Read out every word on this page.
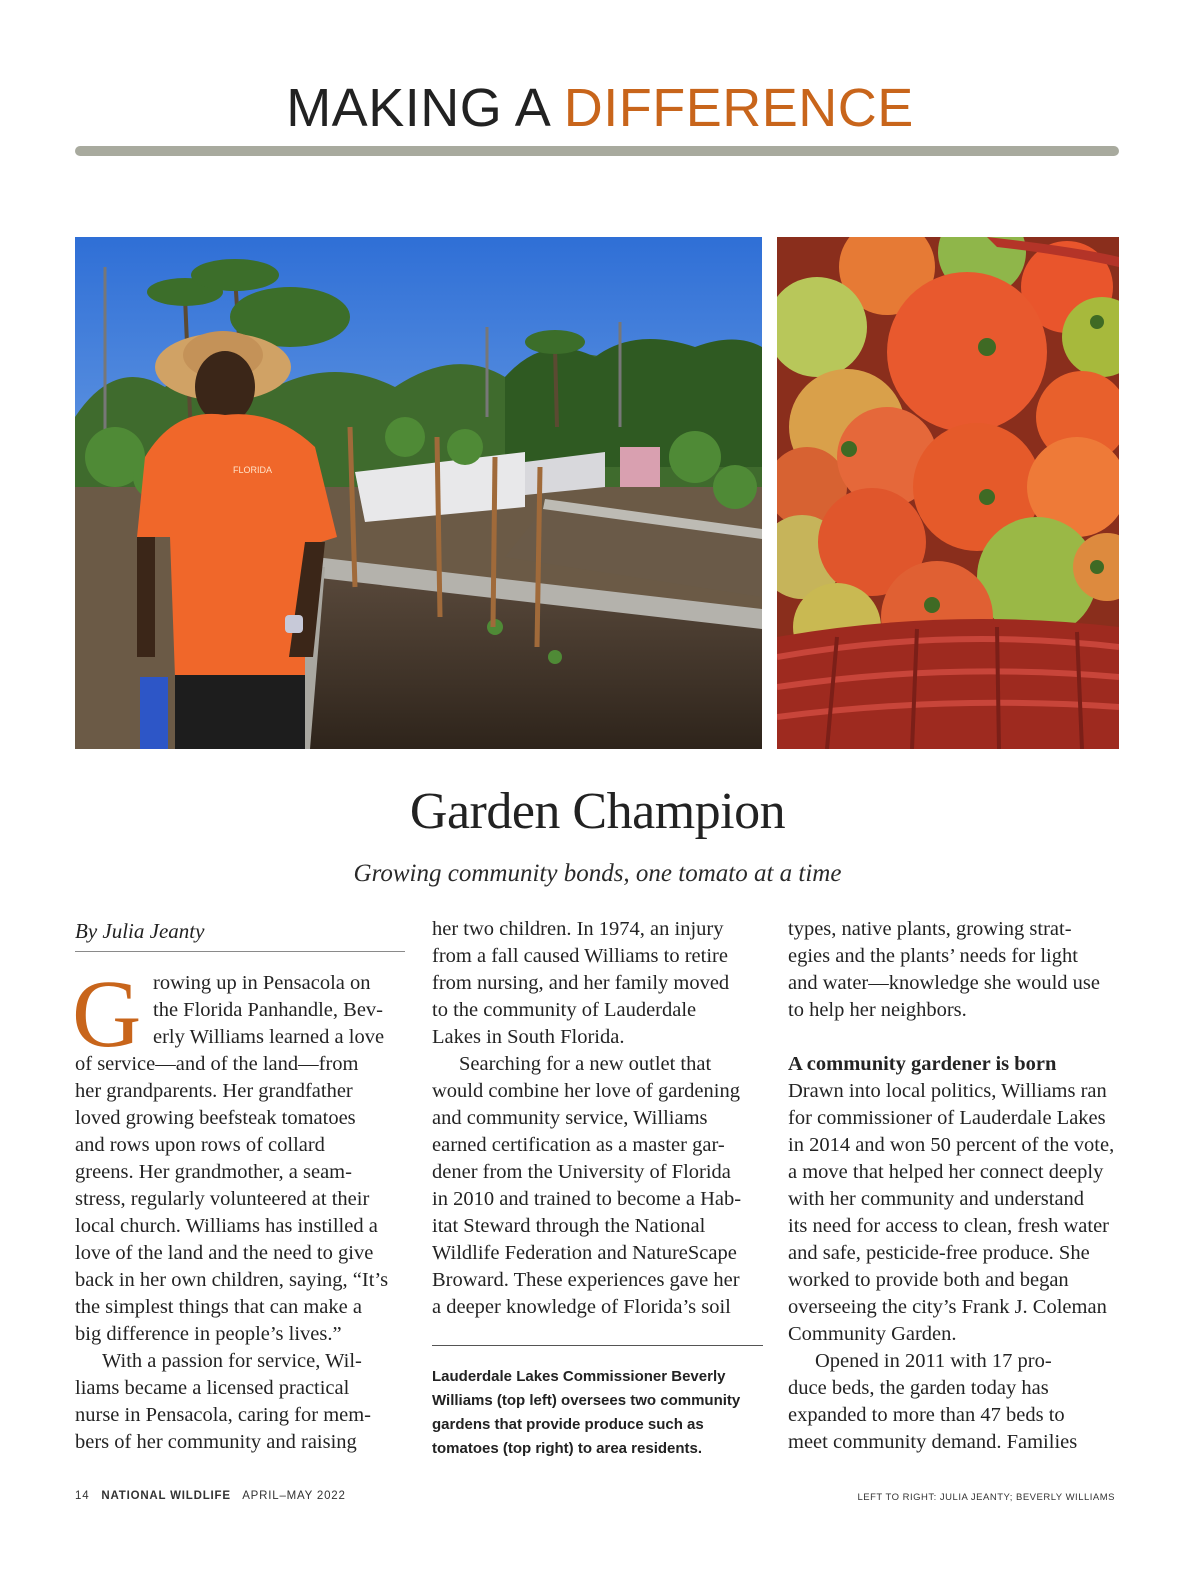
MAKING A DIFFERENCE
FLORIDA
Garden Champion
Growing community bonds, one tomato at a time
By Julia Jeanty
G rowing up in Pensacola on
the Florida Panhandle, Bev-
erly Williams learned a love
of service—and of the land—from
her grandparents. Her grandfather
loved growing beefsteak tomatoes
and rows upon rows of collard
greens. Her grandmother, a seam-
stress, regularly volunteered at their
local church. Williams has instilled a
love of the land and the need to give
back in her own children, saying, “It’s
the simplest things that can make a
big difference in people’s lives.”
With a passion for service, Wil-
liams became a licensed practical
nurse in Pensacola, caring for mem-
bers of her community and raising
her two children. In 1974, an injury
from a fall caused Williams to retire
from nursing, and her family moved
to the community of Lauderdale
Lakes in South Florida.
Searching for a new outlet that
would combine her love of gardening
and community service, Williams
earned certification as a master gar-
dener from the University of Florida
in 2010 and trained to become a Hab-
itat Steward through the National
Wildlife Federation and NatureScape
Broward. These experiences gave her
a deeper knowledge of Florida’s soil
Lauderdale Lakes Commissioner Beverly Williams (top left) oversees two community gardens that provide produce such as tomatoes (top right) to area residents.
types, native plants, growing strat-
egies and the plants’ needs for light
and water—knowledge she would use
to help her neighbors.
A community gardener is born
Drawn into local politics, Williams ran
for commissioner of Lauderdale Lakes
in 2014 and won 50 percent of the vote,
a move that helped her connect deeply
with her community and understand
its need for access to clean, fresh water
and safe, pesticide-free produce. She
worked to provide both and began
overseeing the city’s Frank J. Coleman
Community Garden.
Opened in 2011 with 17 pro-
duce beds, the garden today has
expanded to more than 47 beds to
meet community demand. Families
14 NATIONAL WILDLIFE APRIL–MAY 2022	LEFT TO RIGHT: JULIA JEANTY; BEVERLY WILLIAMS
